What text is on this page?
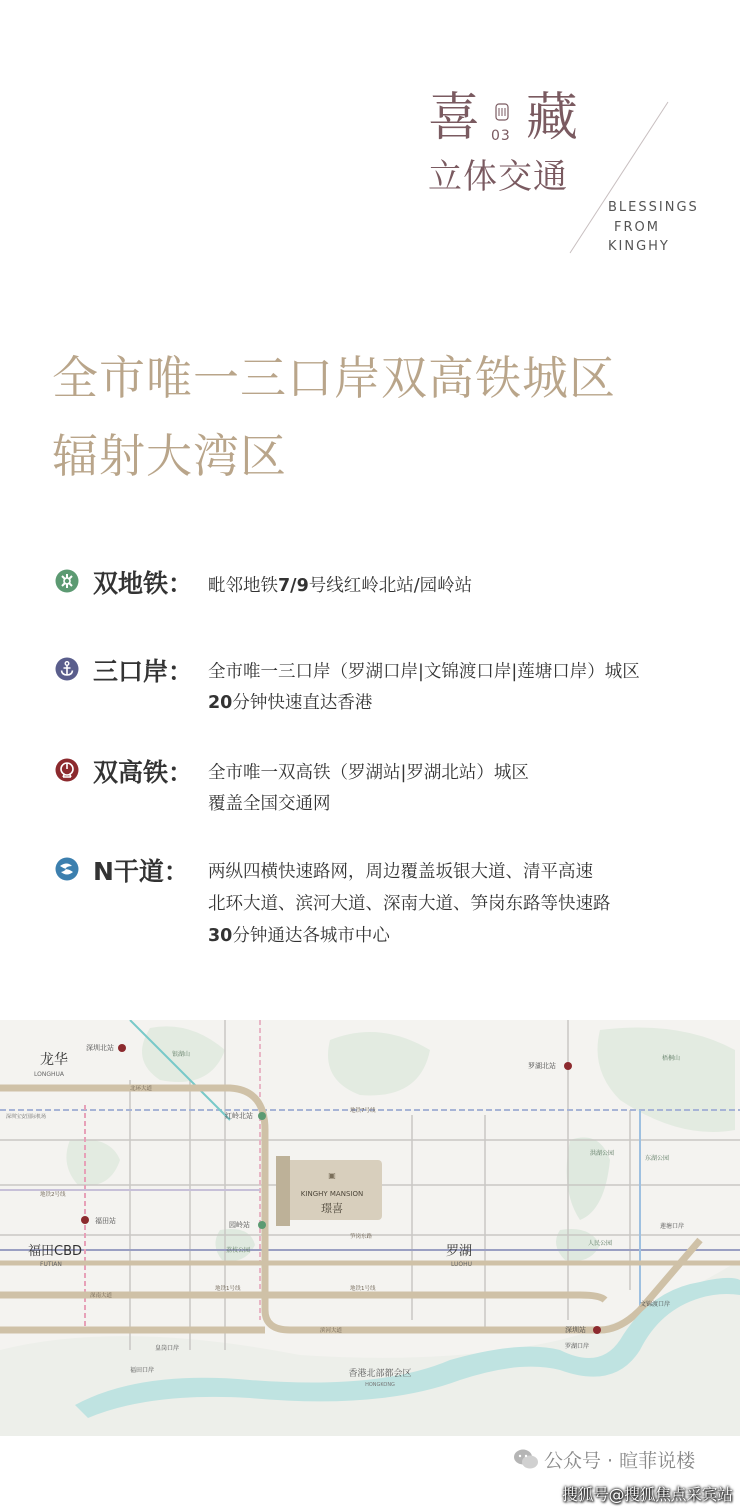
喜 03 藏
立体交通
BLESSINGS
FROM
KINGHY
全市唯一三口岸双高铁城区
辐射大湾区
双地铁： 毗邻地铁7/9号线红岭北站/园岭站
三口岸： 全市唯一三口岸（罗湖口岸|文锦渡口岸|莲塘口岸）城区
20分钟快速直达香港
双高铁： 全市唯一双高铁（罗湖站|罗湖北站）城区
覆盖全国交通网
N干道： 两纵四横快速路网，周边覆盖坂银大道、清平高速
北环大道、滨河大道、深南大道、笋岗东路等快速路
30分钟通达各城市中心
▣
KINGHY MANSION
璟喜
龙华
LONGHUA
福田CBD
FUTIAN
罗湖
LUOHU
香港北部都会区
HONGKONG
深圳北站
罗湖北站
福田站
深圳站
红岭北站
园岭站	莲塘口岸
文锦渡口岸
罗湖口岸
皇岗口岸
福田口岸
北环大道
深南大道
滨河大道
笋岗东路
地铁1号线	地铁1号线
地铁7号线
地铁2号线
银湖山
梧桐山
洪湖公园
人民公园
东湖公园
荔枝公园
深圳宝安国际机场
公众号 · 暄菲说楼
搜狐号@搜狐焦点采宾站
